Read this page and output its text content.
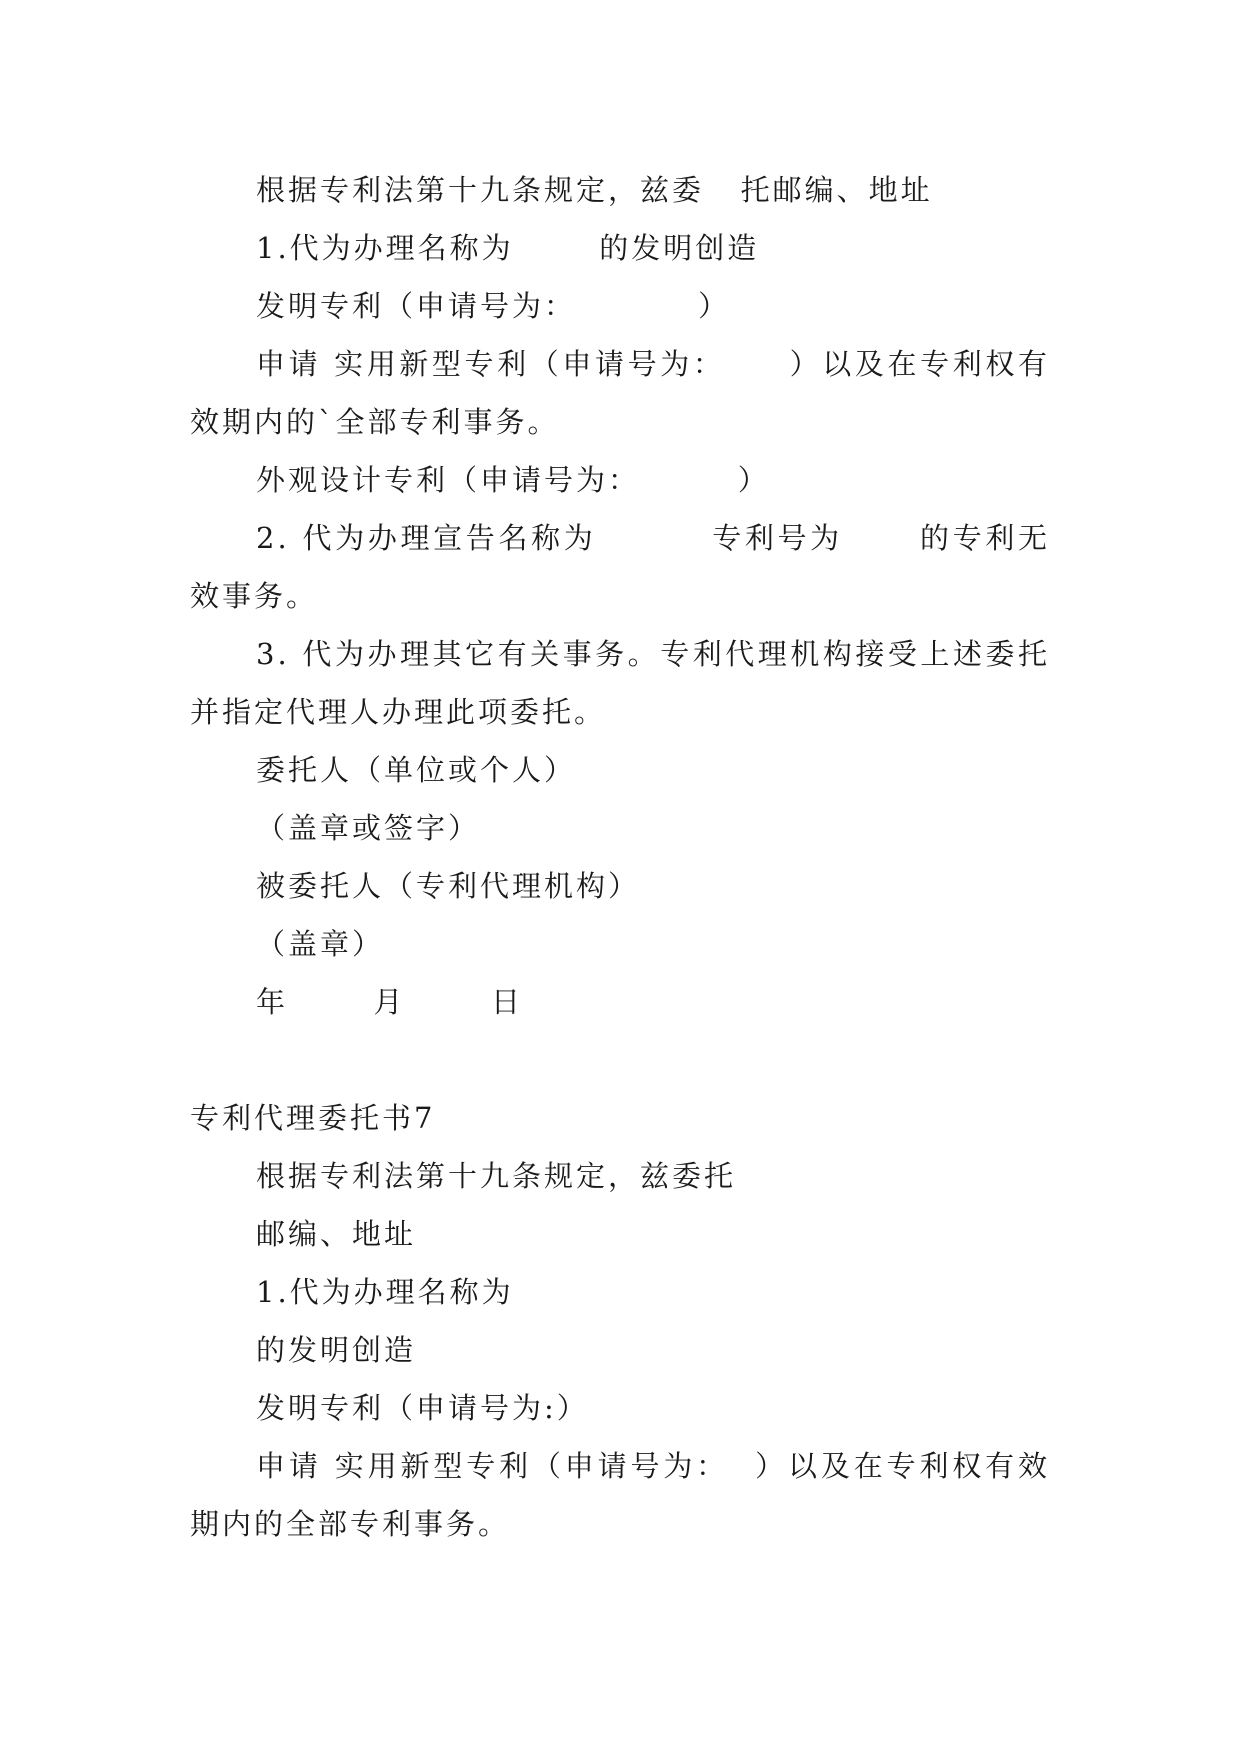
根据专利法第十九条规定，兹委   托邮编、地址

1.代为办理名称为       的发明创造

发明专利（申请号为：          ）

申请 实用新型专利（申请号为：     ）以及在专利权有效期内的`全部专利事务。

外观设计专利（申请号为：        ）

2. 代为办理宣告名称为         专利号为      的专利无效事务。

3. 代为办理其它有关事务。专利代理机构接受上述委托并指定代理人办理此项委托。

委托人（单位或个人）

（盖章或签字）

被委托人（专利代理机构）

（盖章）

年       月       日

专利代理委托书7

根据专利法第十九条规定，兹委托

邮编、地址

1.代为办理名称为

的发明创造

发明专利（申请号为:）

申请 实用新型专利（申请号为：  ）以及在专利权有效期内的全部专利事务。
